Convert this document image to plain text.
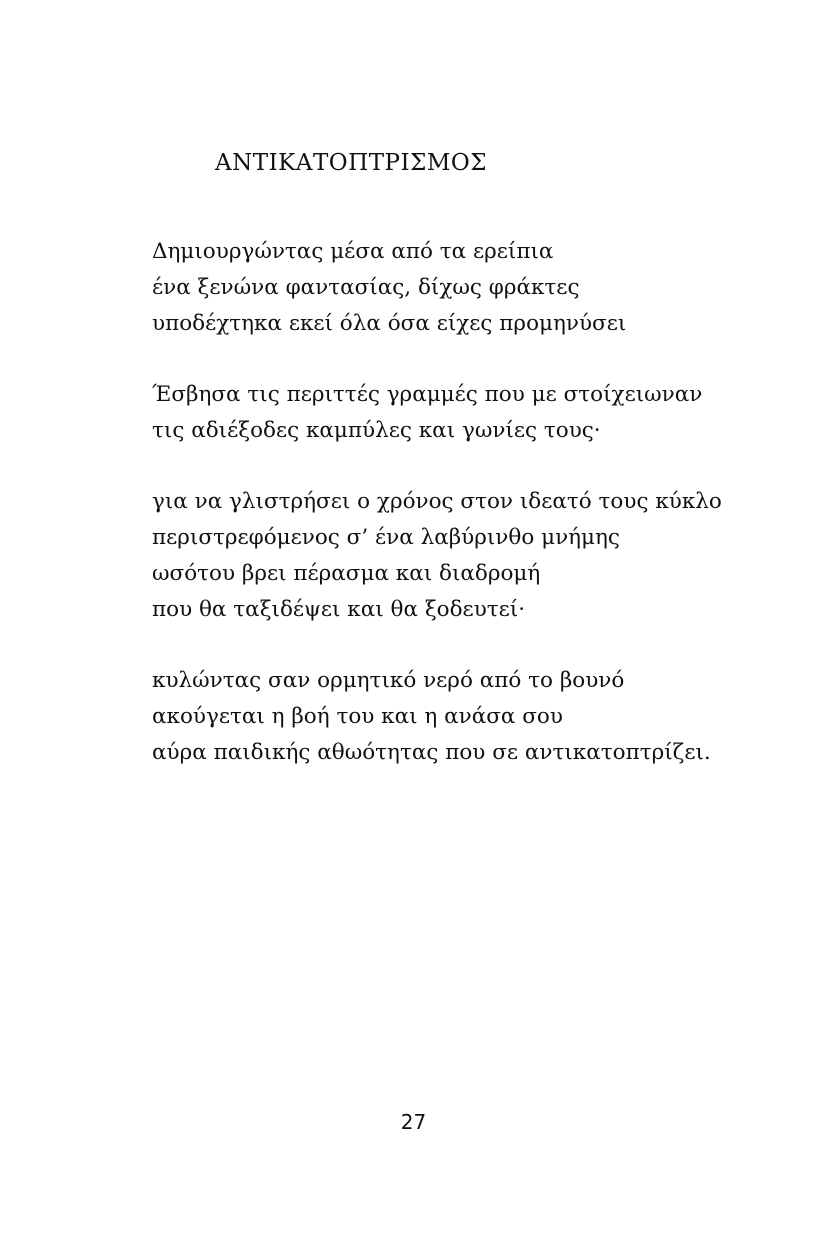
ΑΝΤΙΚΑΤΟΠΤΡΙΣΜΟΣ

Δημιουργώντας μέσα από τα ερείπια

ένα ξενώνα φαντασίας, δίχως φράκτες

υποδέχτηκα εκεί όλα όσα είχες προμηνύσει

Έσβησα τις περιττές γραμμές που με στοίχειωναν

τις αδιέξοδες καμπύλες και γωνίες τους·

για να γλιστρήσει ο χρόνος στον ιδεατό τους κύκλο

περιστρεφόμενος σ’ ένα λαβύρινθο μνήμης

ωσότου βρει πέρασμα και διαδρομή

που θα ταξιδέψει και θα ξοδευτεί·

κυλώντας σαν ορμητικό νερό από το βουνό

ακούγεται η βοή του και η ανάσα σου

αύρα παιδικής αθωότητας που σε αντικατοπτρίζει.

27
